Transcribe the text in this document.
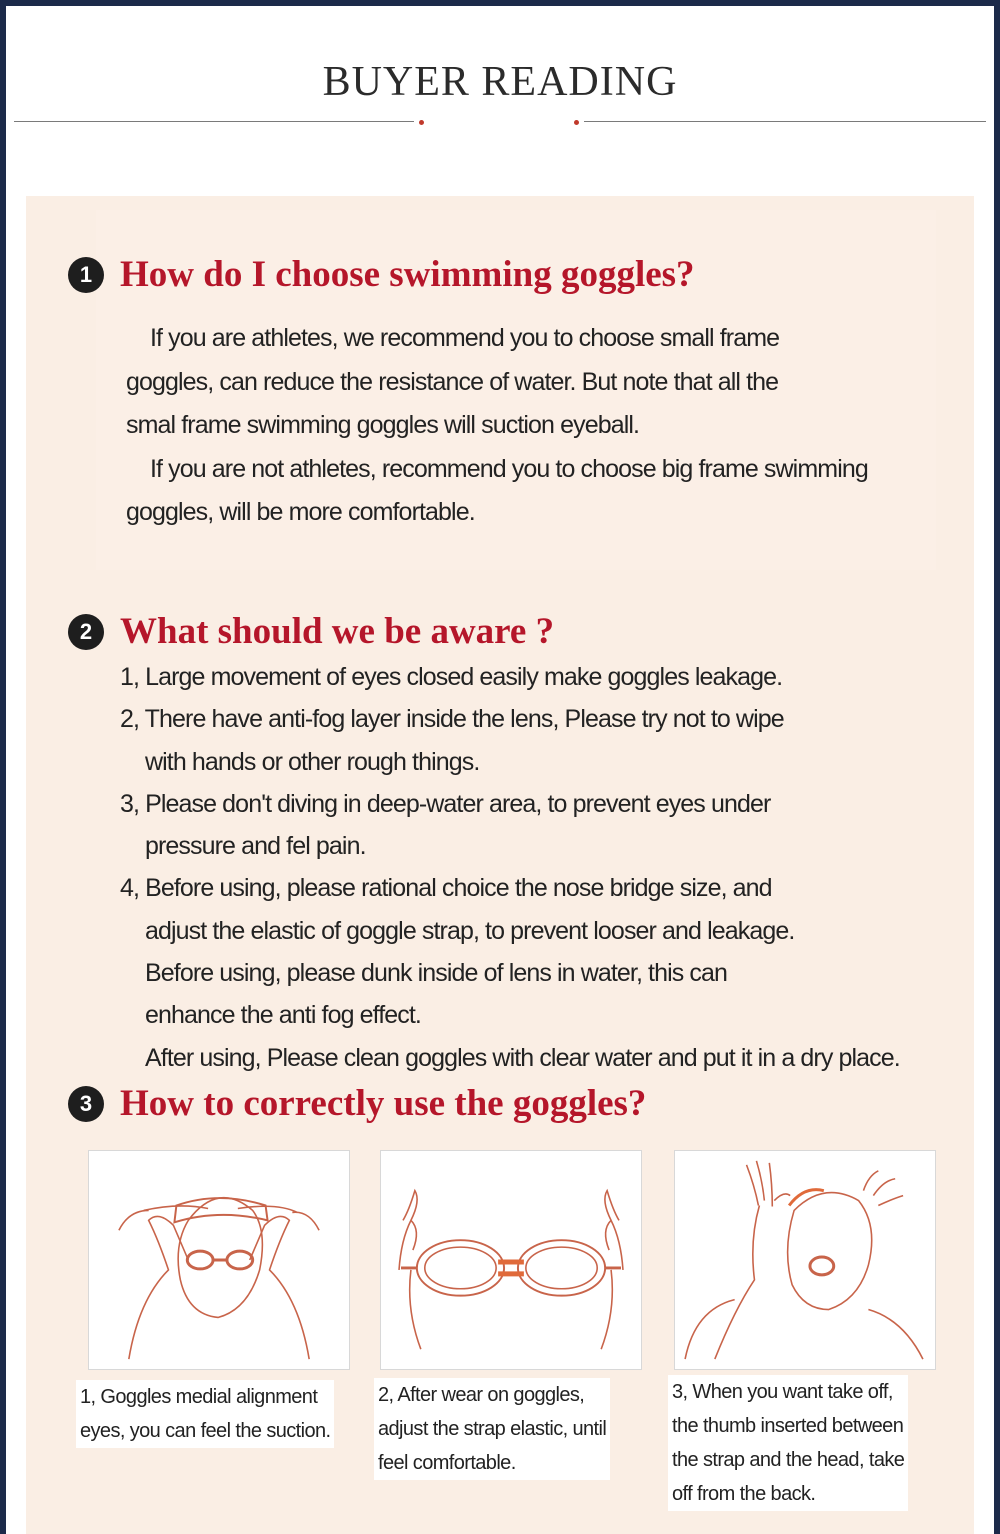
BUYER READING
1 How do I choose swimming goggles?

If you are athletes, we recommend you to choose small frame

goggles, can reduce the resistance of water. But note that all the

smal frame swimming goggles will suction eyeball.

If you are not athletes, recommend you to choose big frame swimming

goggles, will be more comfortable.

2 What should we be aware ?

1, Large movement of eyes closed easily make goggles leakage.

2, There have anti-fog layer inside the lens, Please try not to wipe

with hands or other rough things.

3, Please don't diving in deep-water area, to prevent eyes under

pressure and fel pain.

4, Before using, please rational choice the nose bridge size, and

adjust the elastic of goggle strap, to prevent looser and leakage.

Before using, please dunk inside of lens in water, this can

enhance the anti fog effect.

After using, Please clean goggles with clear water and put it in a dry place.

3 How to correctly use the goggles?

1, Goggles medial alignment

eyes, you can feel the suction.

2, After wear on goggles,

adjust the strap elastic, until

feel comfortable.

3, When you want take off,

the thumb inserted between

the strap and the head, take

off from the back.
